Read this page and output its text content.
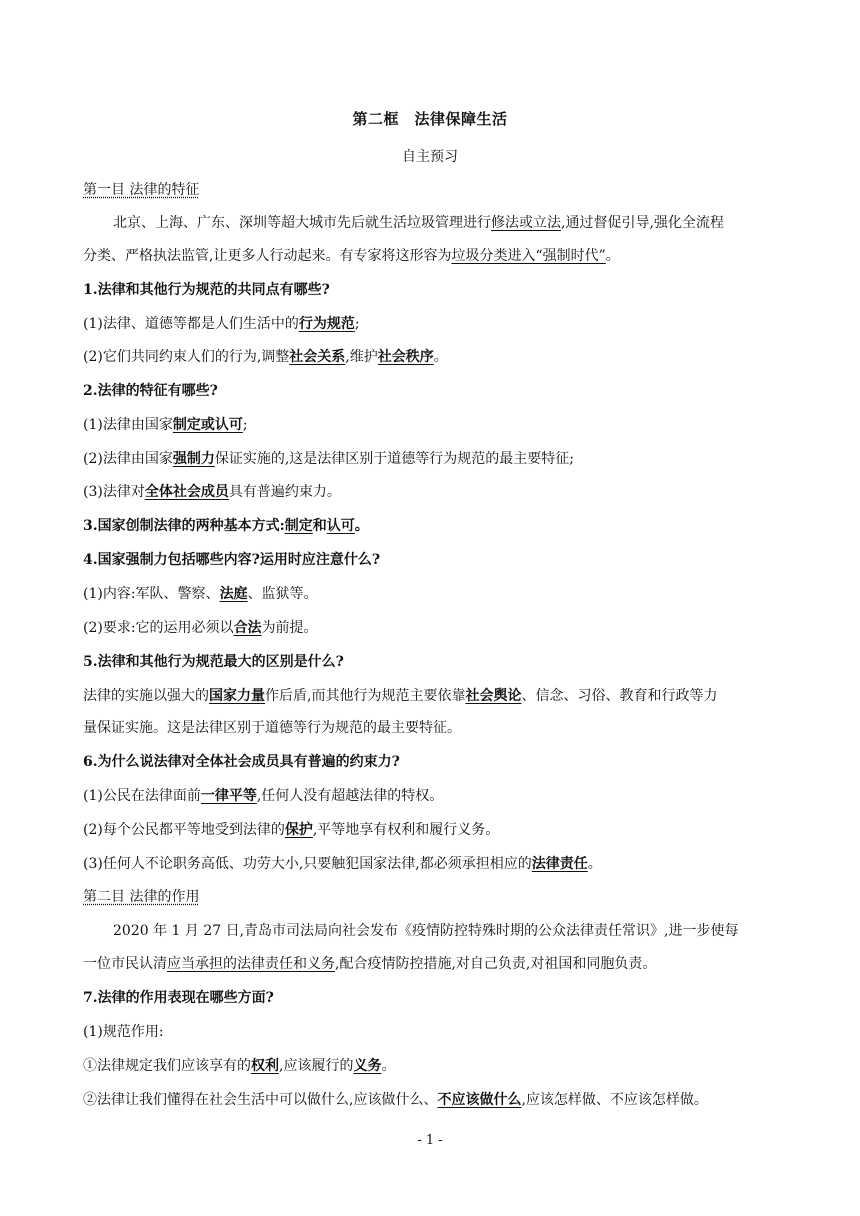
第二框　法律保障生活
自主预习
第一目 法律的特征
北京、上海、广东、深圳等超大城市先后就生活垃圾管理进行修法或立法,通过督促引导,强化全流程
分类、严格执法监管,让更多人行动起来。有专家将这形容为垃圾分类进入“强制时代”。
1.法律和其他行为规范的共同点有哪些?
(1)法律、道德等都是人们生活中的行为规范;
(2)它们共同约束人们的行为,调整社会关系,维护社会秩序。
2.法律的特征有哪些?
(1)法律由国家制定或认可;
(2)法律由国家强制力保证实施的,这是法律区别于道德等行为规范的最主要特征;
(3)法律对全体社会成员具有普遍约束力。
3.国家创制法律的两种基本方式:制定和认可。
4.国家强制力包括哪些内容?运用时应注意什么?
(1)内容:军队、警察、法庭、监狱等。
(2)要求:它的运用必须以合法为前提。
5.法律和其他行为规范最大的区别是什么?
法律的实施以强大的国家力量作后盾,而其他行为规范主要依靠社会舆论、信念、习俗、教育和行政等力
量保证实施。这是法律区别于道德等行为规范的最主要特征。
6.为什么说法律对全体社会成员具有普遍的约束力?
(1)公民在法律面前一律平等,任何人没有超越法律的特权。
(2)每个公民都平等地受到法律的保护,平等地享有权利和履行义务。
(3)任何人不论职务高低、功劳大小,只要触犯国家法律,都必须承担相应的法律责任。
第二目 法律的作用
2020 年 1 月 27 日,青岛市司法局向社会发布《疫情防控特殊时期的公众法律责任常识》,进一步使每
一位市民认清应当承担的法律责任和义务,配合疫情防控措施,对自己负责,对祖国和同胞负责。
7.法律的作用表现在哪些方面?
(1)规范作用:
①法律规定我们应该享有的权利,应该履行的义务。
②法律让我们懂得在社会生活中可以做什么,应该做什么、不应该做什么,应该怎样做、不应该怎样做。
- 1 -
